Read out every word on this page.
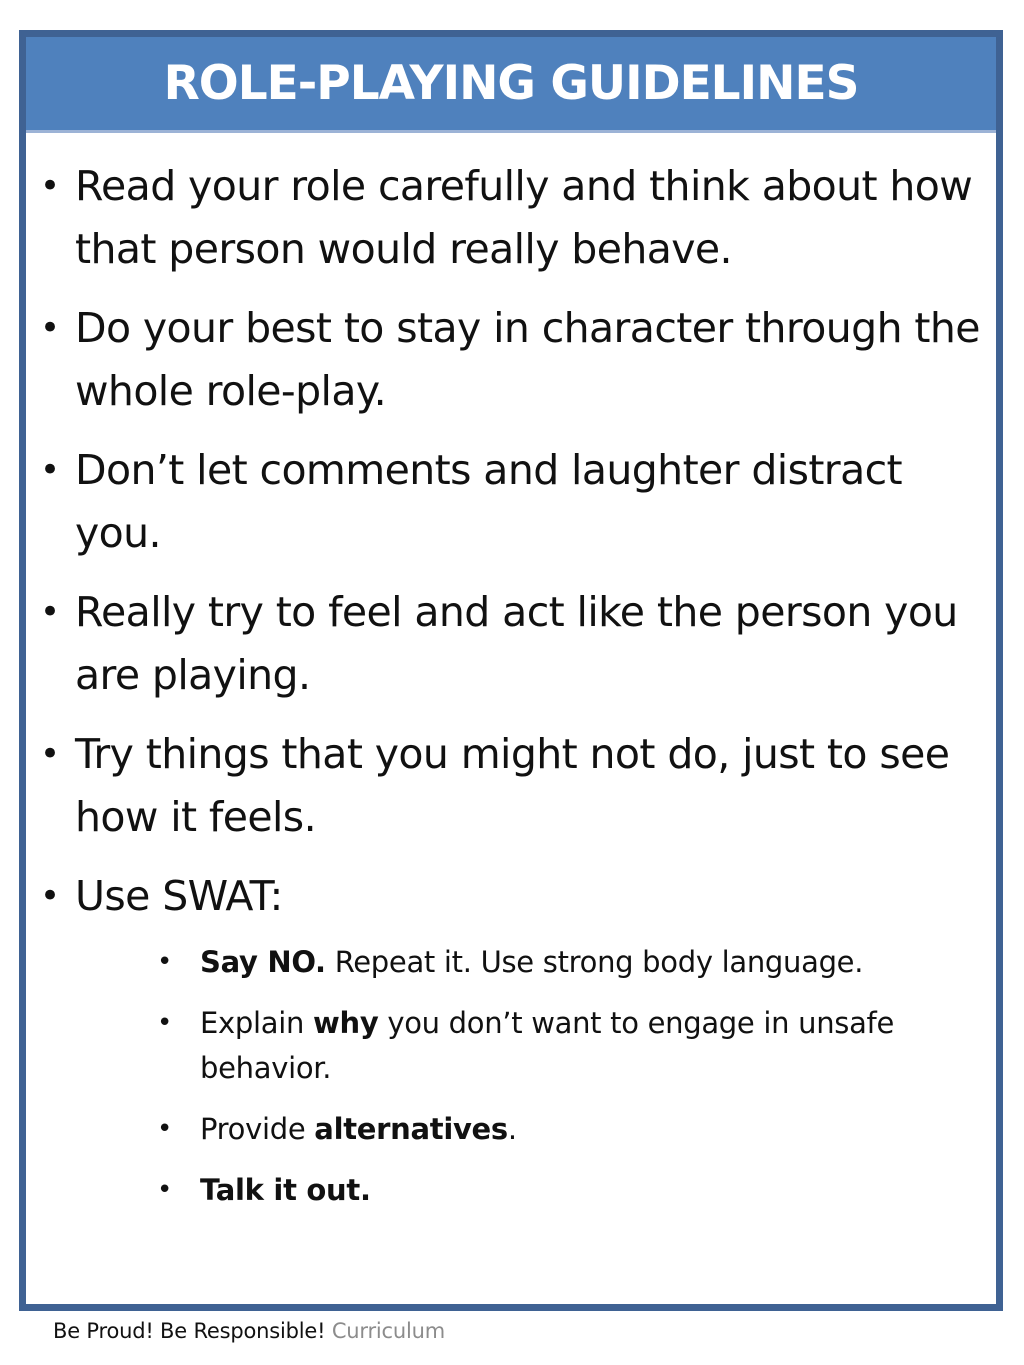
ROLE-PLAYING GUIDELINES
• Read your role carefully and think about how that person would really behave.
• Do your best to stay in character through the whole role-play.
• Don’t let comments and laughter distract you.
• Really try to feel and act like the person you are playing.
• Try things that you might not do, just to see how it feels.
• Use SWAT:
• Say NO. Repeat it. Use strong body language.
• Explain why you don’t want to engage in unsafe behavior.
• Provide alternatives.
• Talk it out.
Be Proud! Be Responsible! Curriculum
